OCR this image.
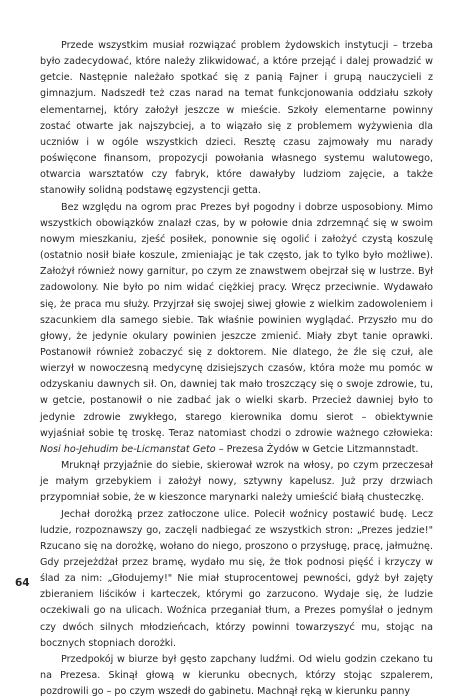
Przede wszystkim musiał rozwiązać problem żydowskich instytucji – trzeba było zadecydować, które należy zlikwidować, a które przejąć i dalej prowadzić w getcie. Następnie należało spotkać się z panią Fajner i grupą nauczycieli z gimnazjum. Nadszedł też czas narad na temat funkcjonowania oddziału szkoły elementarnej, który założył jeszcze w mieście. Szkoły elementarne powinny zostać otwarte jak najszybciej, a to wiązało się z problemem wyżywienia dla uczniów i w ogóle wszystkich dzieci. Resztę czasu zajmowały mu narady poświęcone finansom, propozycji powołania własnego systemu walutowego, otwarcia warsztatów czy fabryk, które dawałyby ludziom zajęcie, a także stanowiły solidną podstawę egzystencji getta.

Bez względu na ogrom prac Prezes był pogodny i dobrze usposobiony. Mimo wszystkich obowiązków znalazł czas, by w połowie dnia zdrzemnąć się w swoim nowym mieszkaniu, zjeść posiłek, ponownie się ogolić i założyć czystą koszulę (ostatnio nosił białe koszule, zmieniając je tak często, jak to tylko było możliwe). Założył również nowy garnitur, po czym ze znawstwem obejrzał się w lustrze. Był zadowolony. Nie było po nim widać ciężkiej pracy. Wręcz przeciwnie. Wydawało się, że praca mu służy. Przyjrzał się swojej siwej głowie z wielkim zadowoleniem i szacunkiem dla samego siebie. Tak właśnie powinien wyglądać. Przyszło mu do głowy, że jedynie okulary powinien jeszcze zmienić. Miały zbyt tanie oprawki. Postanowił również zobaczyć się z doktorem. Nie dlatego, że źle się czuł, ale wierzył w nowoczesną medycynę dzisiejszych czasów, która może mu pomóc w odzyskaniu dawnych sił. On, dawniej tak mało troszczący się o swoje zdrowie, tu, w getcie, postanowił o nie zadbać jak o wielki skarb. Przecież dawniej było to jedynie zdrowie zwykłego, starego kierownika domu sierot – obiektywnie wyjaśniał sobie tę troskę. Teraz natomiast chodzi o zdrowie ważnego człowieka: Nosi ho-Jehudim be-Licmanstat Geto – Prezesa Żydów w Getcie Litzmannstadt.

Mruknął przyjaźnie do siebie, skierował wzrok na włosy, po czym przeczesał je małym grzebykiem i założył nowy, sztywny kapelusz. Już przy drzwiach przypomniał sobie, że w kieszonce marynarki należy umieścić białą chusteczkę.

Jechał dorożką przez zatłoczone ulice. Polecił woźnicy postawić budę. Lecz ludzie, rozpoznawszy go, zaczęli nadbiegać ze wszystkich stron: „Prezes jedzie!" Rzucano się na dorożkę, wołano do niego, proszono o przysługę, pracę, jałmużnę. Gdy przejeżdżał przez bramę, wydało mu się, że tłok podnosi pięść i krzyczy w ślad za nim: „Głodujemy!" Nie miał stuprocentowej pewności, gdyż był zajęty zbieraniem liścików i karteczek, którymi go zarzucono. Wydaje się, że ludzie oczekiwali go na ulicach. Woźnica przeganiał tłum, a Prezes pomyślał o jednym czy dwóch silnych młodzieńcach, którzy powinni towarzyszyć mu, stojąc na bocznych stopniach dorożki.

Przedpokój w biurze był gęsto zapchany ludźmi. Od wielu godzin czekano tu na Prezesa. Skinął głową w kierunku obecnych, którzy stojąc szpalerem, pozdrowili go – po czym wszedł do gabinetu. Machnął ręką w kierunku panny

64
